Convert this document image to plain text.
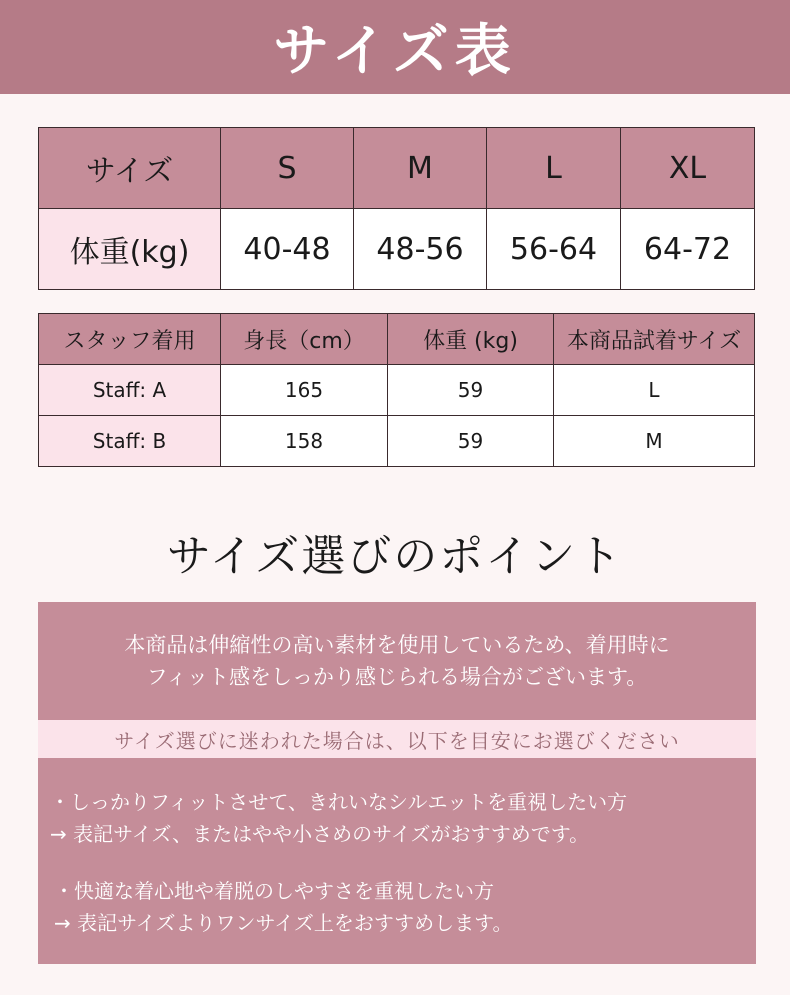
サイズ表
サイズ	S	M	L	XL
体重(kg)	40-48	48-56	56-64	64-72
スタッフ着用	身長（cm）	体重 (kg)	本商品試着サイズ
Staff: A	165	59	L
Staff: B	158	59	M
サイズ選びのポイント
本商品は伸縮性の高い素材を使用しているため、着用時に
フィット感をしっかり感じられる場合がございます。
サイズ選びに迷われた場合は、以下を目安にお選びください
・しっかりフィットさせて、きれいなシルエットを重視したい方
→ 表記サイズ、またはやや小さめのサイズがおすすめです。
・快適な着心地や着脱のしやすさを重視したい方
→ 表記サイズよりワンサイズ上をおすすめします。
